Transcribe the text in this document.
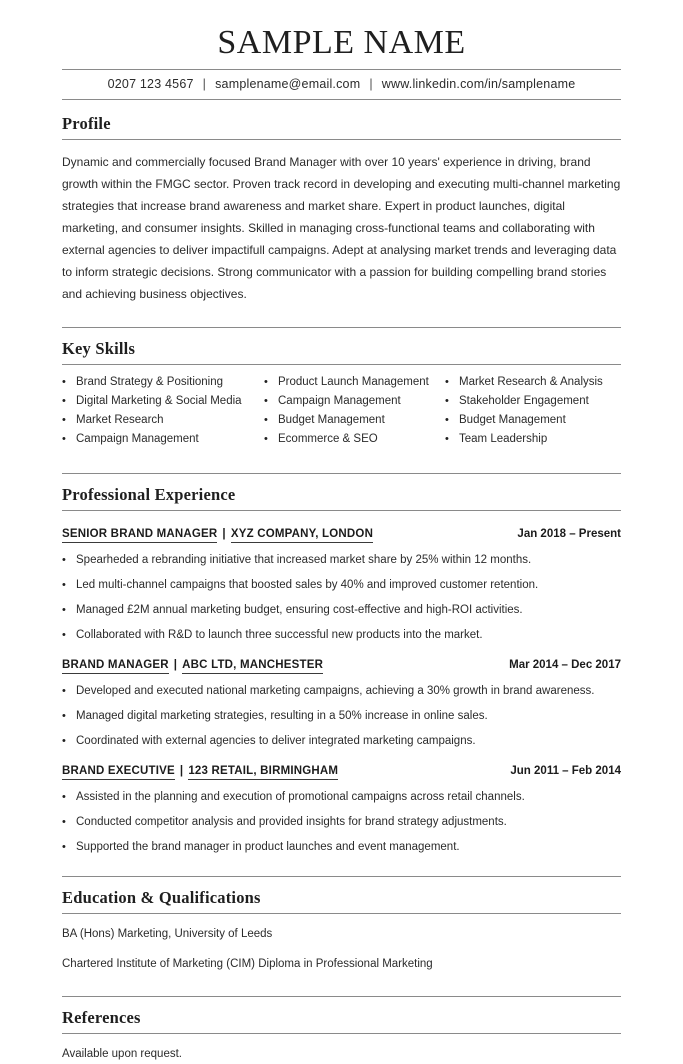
SAMPLE NAME
0207 123 4567 | samplename@email.com | www.linkedin.com/in/samplename
Profile

Dynamic and commercially focused Brand Manager with over 10 years' experience in driving, brand growth within the FMGC sector. Proven track record in developing and executing multi-channel marketing strategies that increase brand awareness and market share. Expert in product launches, digital marketing, and consumer insights. Skilled in managing cross-functional teams and collaborating with external agencies to deliver impactifull campaigns. Adept at analysing market trends and leveraging data to inform strategic decisions. Strong communicator with a passion for building compelling brand stories and achieving business objectives.

Key Skills
• Brand Strategy & Positioning
• Digital Marketing & Social Media
• Market Research
• Campaign Management
• Product Launch Management
• Campaign Management
• Budget Management
• Ecommerce & SEO
• Market Research & Analysis
• Stakeholder Engagement
• Budget Management
• Team Leadership
Professional Experience
SENIOR BRAND MANAGER | XYZ COMPANY, LONDON	Jan 2018 – Present
• Spearheded a rebranding initiative that increased market share by 25% within 12 months.
• Led multi-channel campaigns that boosted sales by 40% and improved customer retention.
• Managed £2M annual marketing budget, ensuring cost-effective and high-ROI activities.
• Collaborated with R&D to launch three successful new products into the market.
BRAND MANAGER | ABC LTD, MANCHESTER	Mar 2014 – Dec 2017
• Developed and executed national marketing campaigns, achieving a 30% growth in brand awareness.
• Managed digital marketing strategies, resulting in a 50% increase in online sales.
• Coordinated with external agencies to deliver integrated marketing campaigns.
BRAND EXECUTIVE | 123 RETAIL, BIRMINGHAM	Jun 2011 – Feb 2014
• Assisted in the planning and execution of promotional campaigns across retail channels.
• Conducted competitor analysis and provided insights for brand strategy adjustments.
• Supported the brand manager in product launches and event management.
Education & Qualifications

BA (Hons) Marketing, University of Leeds

Chartered Institute of Marketing (CIM) Diploma in Professional Marketing

References

Available upon request.
